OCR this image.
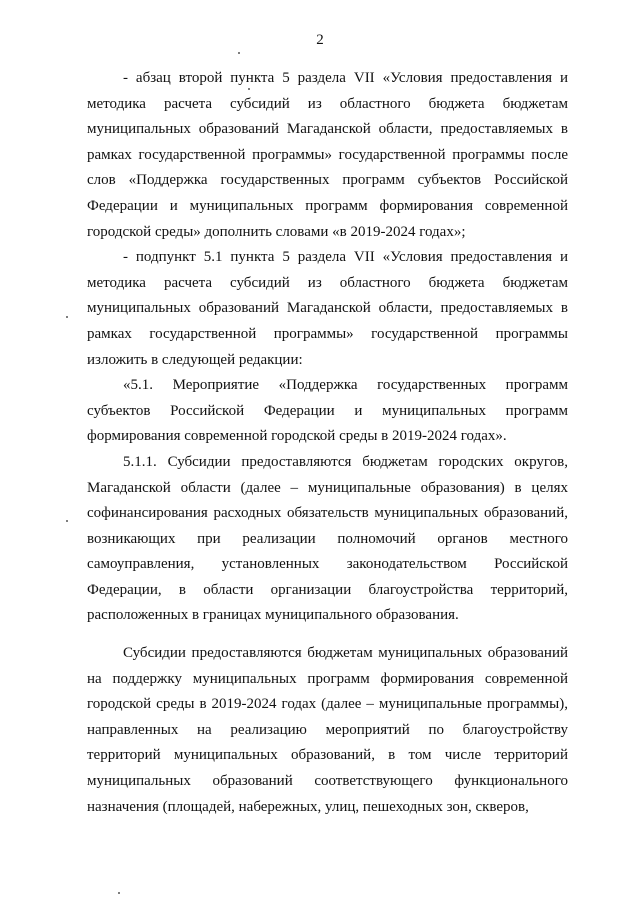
2

- абзац второй пункта 5 раздела VII «Условия предоставления и методика расчета субсидий из областного бюджета бюджетам муниципальных образований Магаданской области, предоставляемых в рамках государственной программы» государственной программы после слов «Поддержка государственных программ субъектов Российской Федерации и муниципальных программ формирования современной городской среды» дополнить словами «в 2019-2024 годах»;

- подпункт 5.1 пункта 5 раздела VII «Условия предоставления и методика расчета субсидий из областного бюджета бюджетам муниципальных образований Магаданской области, предоставляемых в рамках государственной программы» государственной программы изложить в следующей редакции:

«5.1. Мероприятие «Поддержка государственных программ субъектов Российской Федерации и муниципальных программ формирования современной городской среды в 2019-2024 годах».

5.1.1. Субсидии предоставляются бюджетам городских округов, Магаданской области (далее – муниципальные образования) в целях софинансирования расходных обязательств муниципальных образований, возникающих при реализации полномочий органов местного самоуправления, установленных законодательством Российской Федерации, в области организации благоустройства территорий, расположенных в границах муниципального образования.

Субсидии предоставляются бюджетам муниципальных образований на поддержку муниципальных программ формирования современной городской среды в 2019-2024 годах (далее – муниципальные программы), направленных на реализацию мероприятий по благоустройству территорий муниципальных образований, в том числе территорий муниципальных образований соответствующего функционального назначения (площадей, набережных, улиц, пешеходных зон, скверов,
